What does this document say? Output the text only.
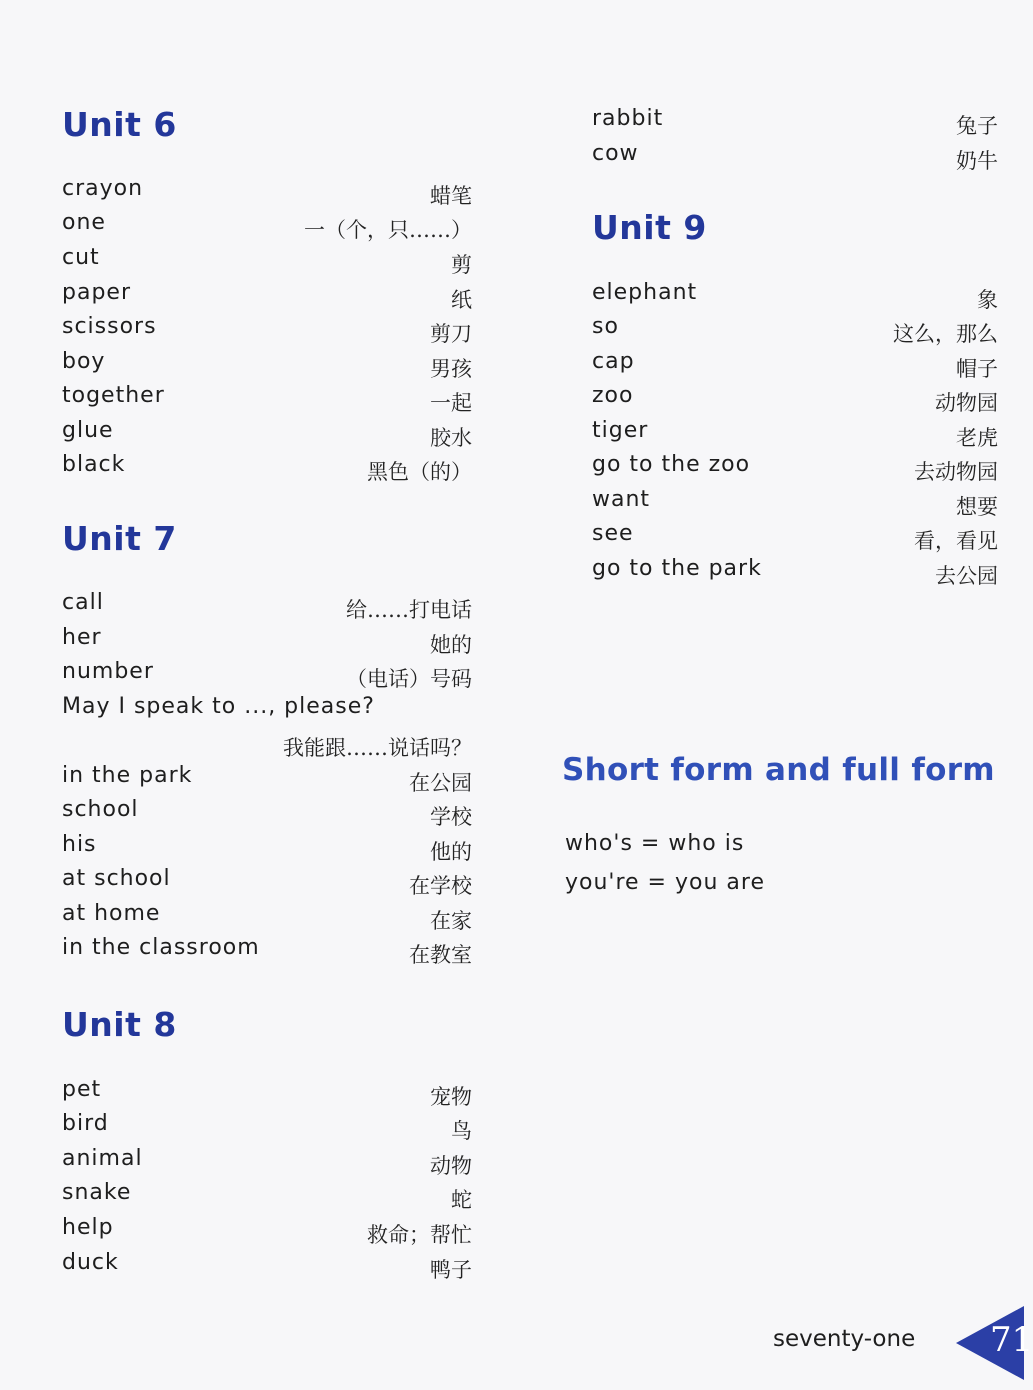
Unit 6
crayon	蜡笔
one	一（个，只……）
cut	剪
paper	纸
scissors	剪刀
boy	男孩
together	一起
glue	胶水
black	黑色（的）
Unit 7
call	给……打电话
her	她的
number	（电话）号码
May I speak to ..., please?
我能跟……说话吗？
in the park	在公园
school	学校
his	他的
at school	在学校
at home	在家
in the classroom	在教室
Unit 8
pet	宠物
bird	鸟
animal	动物
snake	蛇
help	救命；帮忙
duck	鸭子
rabbit	兔子
cow	奶牛
Unit 9
elephant	象
so	这么，那么
cap	帽子
zoo	动物园
tiger	老虎
go to the zoo	去动物园
want	想要
see	看，看见
go to the park	去公园
Short form and full form
who's = who is
you're = you are
seventy-one 71
